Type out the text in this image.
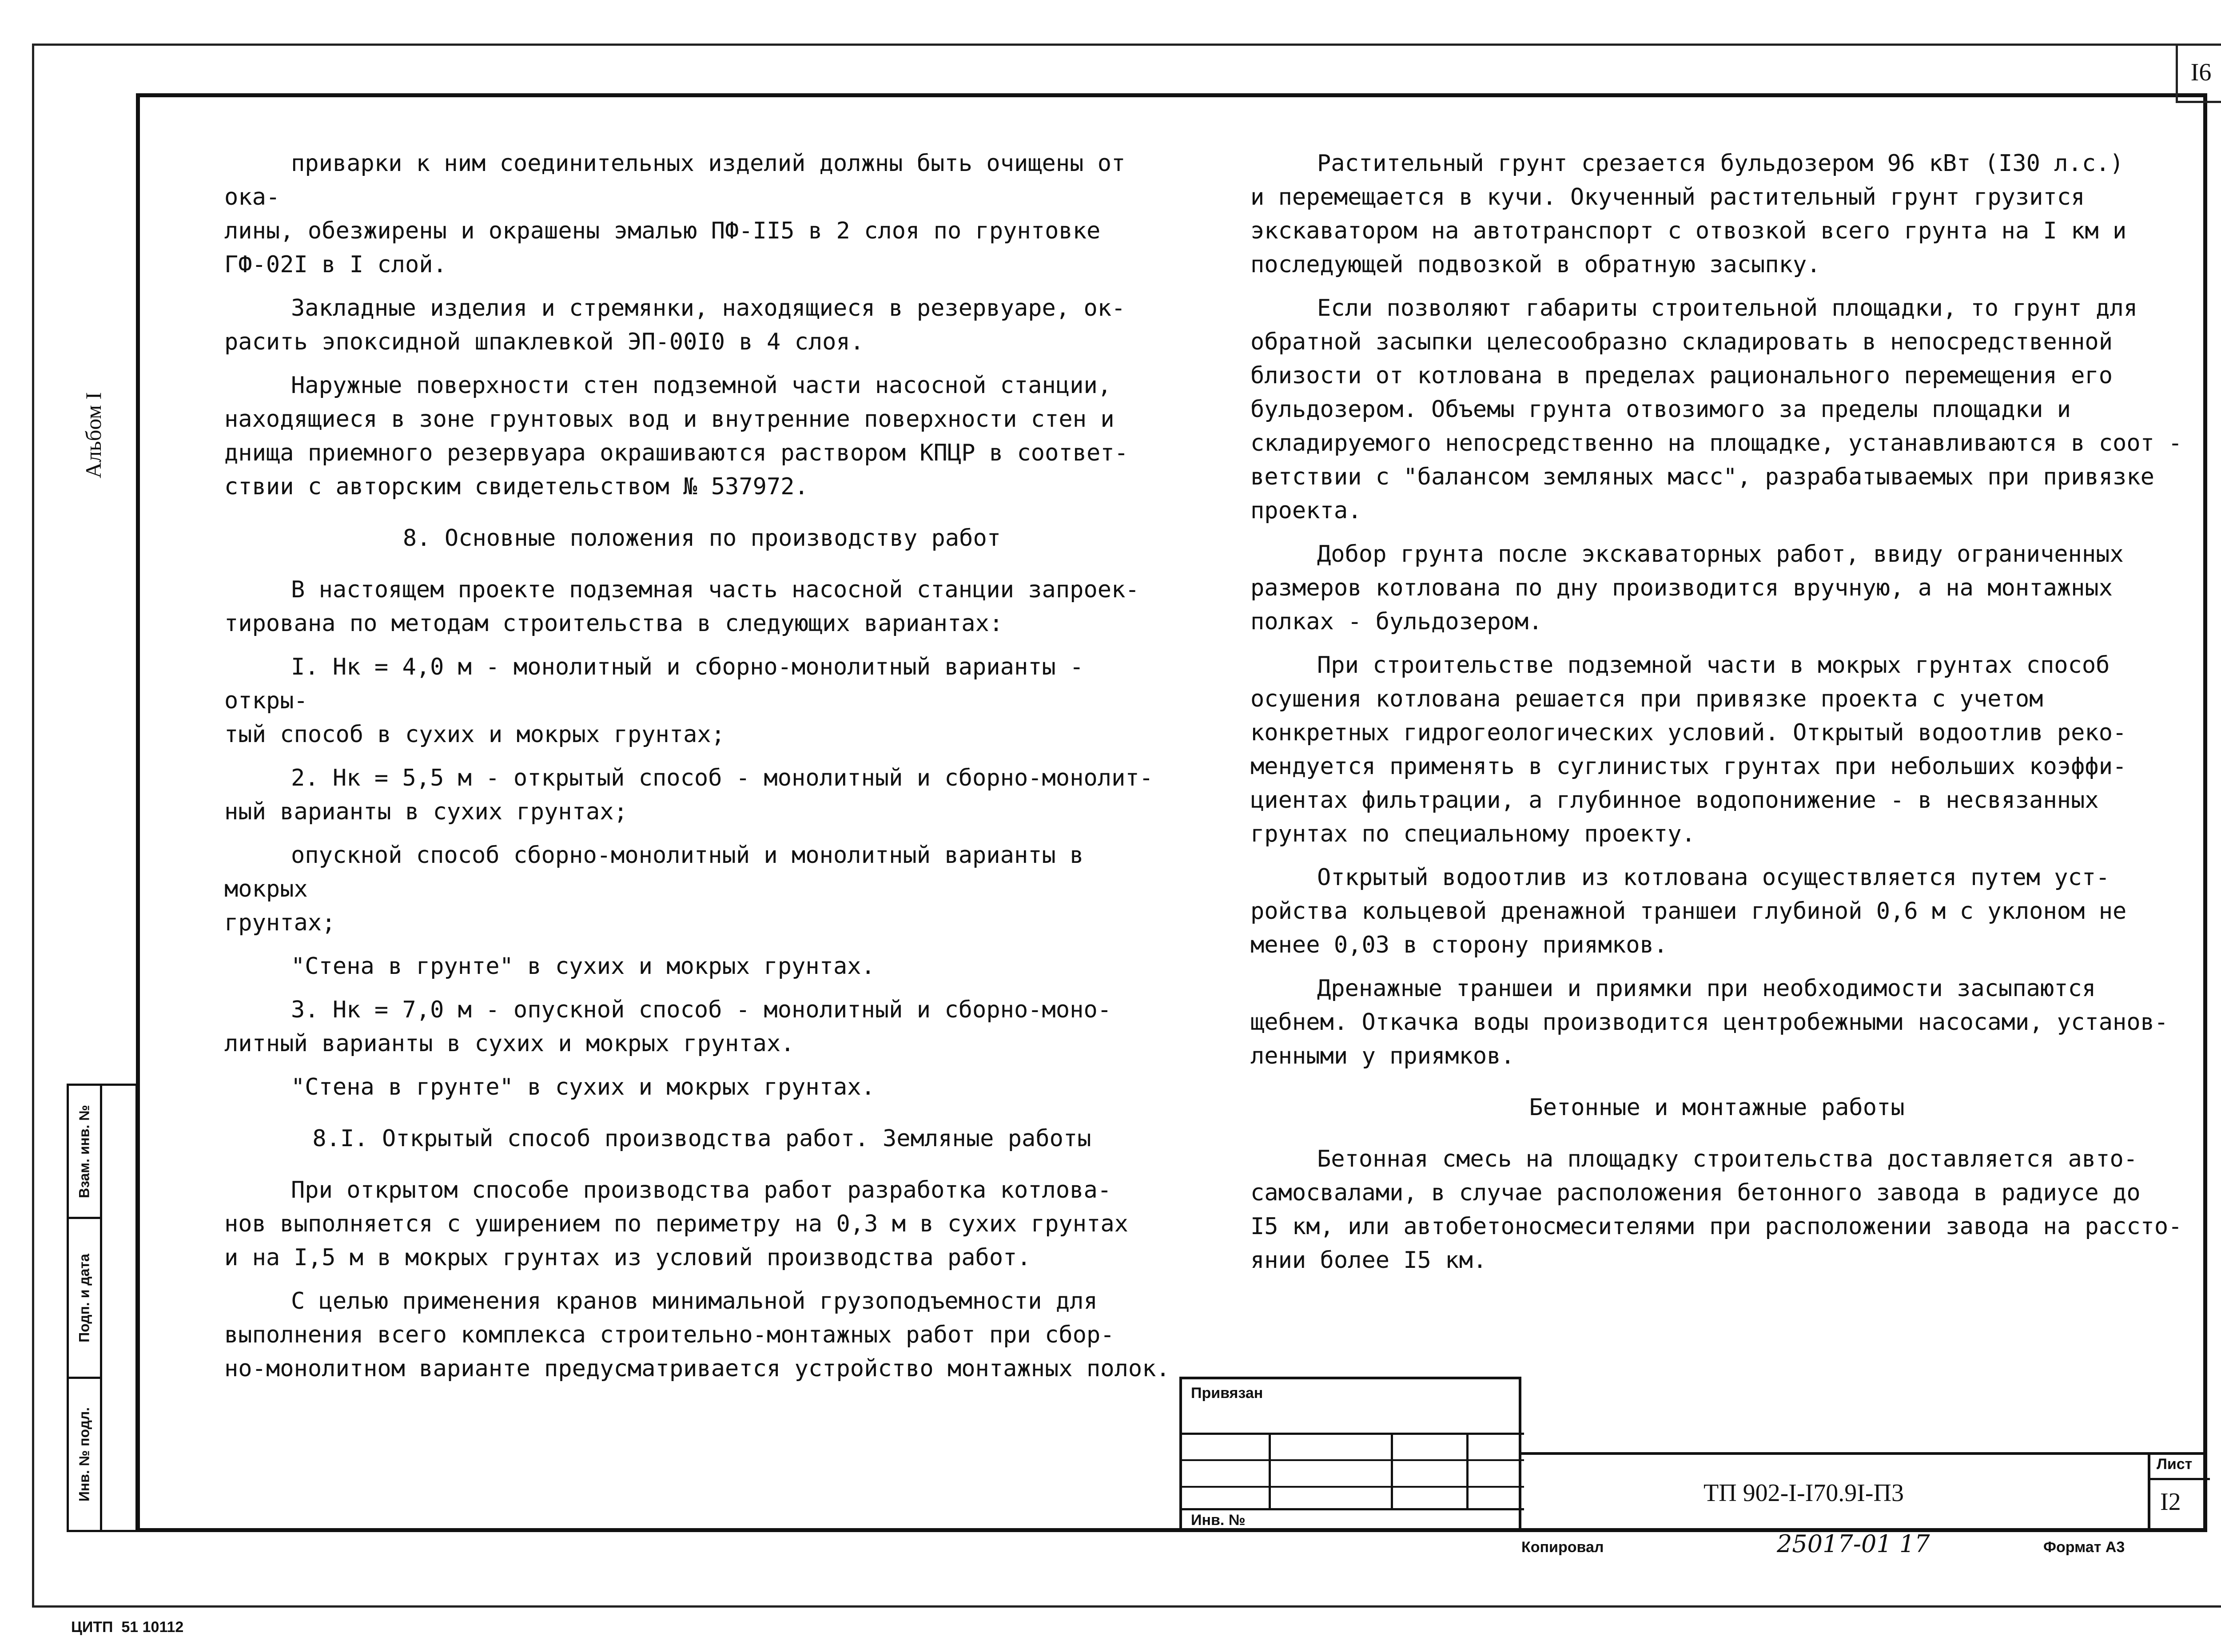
I6
Альбом I
Взам. инв. №
Подп. и дата
Инв. № подл.

приварки к ним соединительных изделий должны быть очищены от ока-
лины, обезжирены и окрашены эмалью ПФ-II5 в 2 слоя по грунтовке
ГФ-02I в I слой.

Закладные изделия и стремянки, находящиеся в резервуаре, ок-
расить эпоксидной шпаклевкой ЭП-00I0 в 4 слоя.

Наружные поверхности стен подземной части насосной станции,
находящиеся в зоне грунтовых вод и внутренние поверхности стен и
днища приемного резервуара окрашиваются раствором КПЦР в соответ-
ствии с авторским свидетельством № 537972.

8. Основные положения по производству работ

В настоящем проекте подземная часть насосной станции запроек-
тирована по методам строительства в следующих вариантах:

I. Нк = 4,0 м - монолитный и сборно-монолитный варианты - откры-
тый способ в сухих и мокрых грунтах;

2. Нк = 5,5 м - открытый способ - монолитный и сборно-монолит-
ный варианты в сухих грунтах;

опускной способ сборно-монолитный и монолитный варианты в мокрых
грунтах;

"Стена в грунте" в сухих и мокрых грунтах.

3. Нк = 7,0 м - опускной способ - монолитный и сборно-моно-
литный варианты в сухих и мокрых грунтах.

"Стена в грунте" в сухих и мокрых грунтах.

8.I. Открытый способ производства работ. Земляные работы

При открытом способе производства работ разработка котлова-
нов выполняется с уширением по периметру на 0,3 м в сухих грунтах
и на I,5 м в мокрых грунтах из условий производства работ.

С целью применения кранов минимальной грузоподъемности для
выполнения всего комплекса строительно-монтажных работ при сбор-
но-монолитном варианте предусматривается устройство монтажных полок.

Растительный грунт срезается бульдозером 96 кВт (I30 л.с.)
и перемещается в кучи. Окученный растительный грунт грузится
экскаватором на автотранспорт с отвозкой всего грунта на I км и
последующей подвозкой в обратную засыпку.

Если позволяют габариты строительной площадки, то грунт для
обратной засыпки целесообразно складировать в непосредственной
близости от котлована в пределах рационального перемещения его
бульдозером. Объемы грунта отвозимого за пределы площадки и
складируемого непосредственно на площадке, устанавливаются в соот -
ветствии с "балансом земляных масс", разрабатываемых при привязке
проекта.

Добор грунта после экскаваторных работ, ввиду ограниченных
размеров котлована по дну производится вручную, а на монтажных
полках - бульдозером.

При строительстве подземной части в мокрых грунтах способ
осушения котлована решается при привязке проекта с учетом
конкретных гидрогеологических условий. Открытый водоотлив реко-
мендуется применять в суглинистых грунтах при небольших коэффи-
циентах фильтрации, а глубинное водопонижение - в несвязанных
грунтах по специальному проекту.

Открытый водоотлив из котлована осуществляется путем уст-
ройства кольцевой дренажной траншеи глубиной 0,6 м с уклоном не
менее 0,03 в сторону приямков.

Дренажные траншеи и приямки при необходимости засыпаются
щебнем. Откачка воды производится центробежными насосами, установ-
ленными у приямков.

Бетонные и монтажные работы

Бетонная смесь на площадку строительства доставляется авто-
самосвалами, в случае расположения бетонного завода в радиусе до
I5 км, или автобетоносмесителями при расположении завода на рассто-
янии более I5 км.

Привязан
Инв. №
ТП 902-I-I70.9I-П3
Лист
I2
Копировал	25017-01 17	Формат А3
ЦИТП  51 10112
